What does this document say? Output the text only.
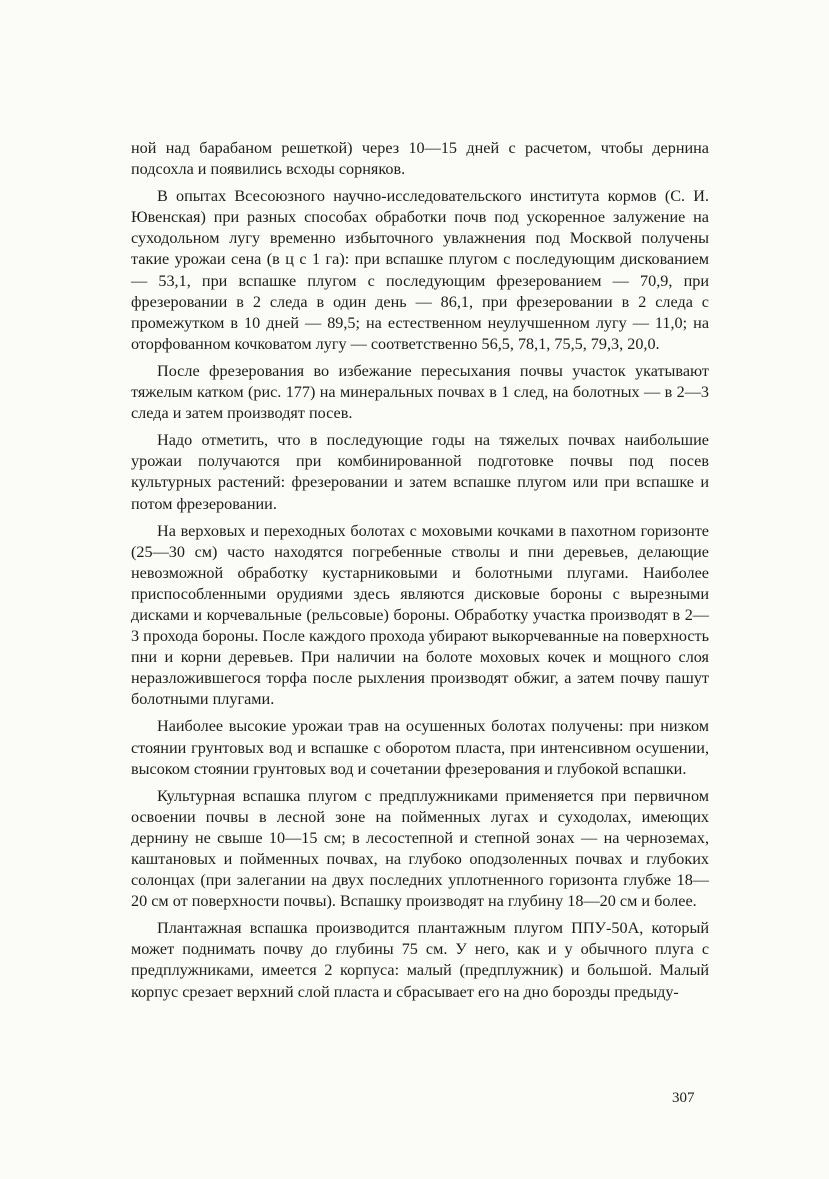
ной над барабаном решеткой) через 10—15 дней с расчетом, чтобы дернина подсохла и появились всходы сорняков.

В опытах Всесоюзного научно-исследовательского института кормов (С. И. Ювенская) при разных способах обработки почв под ускоренное залужение на суходольном лугу временно избыточного увлажнения под Москвой получены такие урожаи сена (в ц с 1 га): при вспашке плугом с последующим дискованием — 53,1, при вспашке плугом с последующим фрезерованием — 70,9, при фрезеровании в 2 следа в один день — 86,1, при фрезеровании в 2 следа с промежутком в 10 дней — 89,5; на естественном неулучшенном лугу — 11,0; на оторфованном кочковатом лугу — соответственно 56,5, 78,1, 75,5, 79,3, 20,0.

После фрезерования во избежание пересыхания почвы участок укатывают тяжелым катком (рис. 177) на минеральных почвах в 1 след, на болотных — в 2—3 следа и затем производят посев.

Надо отметить, что в последующие годы на тяжелых почвах наибольшие урожаи получаются при комбинированной подготовке почвы под посев культурных растений: фрезеровании и затем вспашке плугом или при вспашке и потом фрезеровании.

На верховых и переходных болотах с моховыми кочками в пахотном горизонте (25—30 см) часто находятся погребенные стволы и пни деревьев, делающие невозможной обработку кустарниковыми и болотными плугами. Наиболее приспособленными орудиями здесь являются дисковые бороны с вырезными дисками и корчевальные (рельсовые) бороны. Обработку участка производят в 2—3 прохода бороны. После каждого прохода убирают выкорчеванные на поверхность пни и корни деревьев. При наличии на болоте моховых кочек и мощного слоя неразложившегося торфа после рыхления производят обжиг, а затем почву пашут болотными плугами.

Наиболее высокие урожаи трав на осушенных болотах получены: при низком стоянии грунтовых вод и вспашке с оборотом пласта, при интенсивном осушении, высоком стоянии грунтовых вод и сочетании фрезерования и глубокой вспашки.

Культурная вспашка плугом с предплужниками применяется при первичном освоении почвы в лесной зоне на пойменных лугах и суходолах, имеющих дернину не свыше 10—15 см; в лесостепной и степной зонах — на черноземах, каштановых и пойменных почвах, на глубоко оподзоленных почвах и глубоких солонцах (при залегании на двух последних уплотненного горизонта глубже 18—20 см от поверхности почвы). Вспашку производят на глубину 18—20 см и более.

Плантажная вспашка производится плантажным плугом ППУ-50А, который может поднимать почву до глубины 75 см. У него, как и у обычного плуга с предплужниками, имеется 2 корпуса: малый (предплужник) и большой. Малый корпус срезает верхний слой пласта и сбрасывает его на дно борозды предыду-

307
